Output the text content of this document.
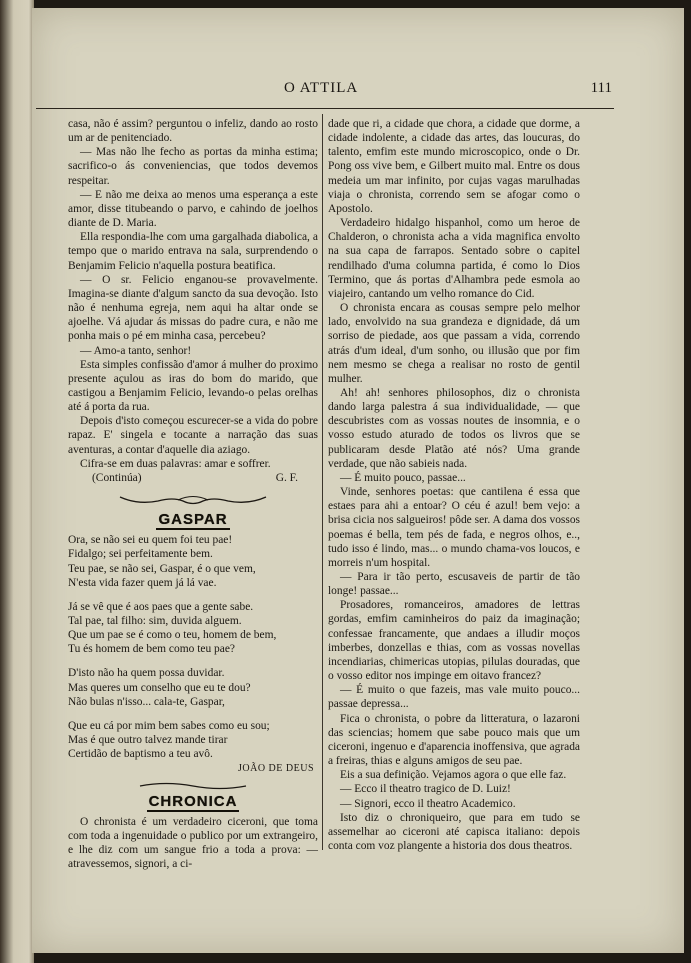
O ATTILA	111

casa, não é assim? perguntou o infeliz, dando ao rosto um ar de penitenciado.

— Mas não lhe fecho as portas da minha estima; sacrifico-o ás conveniencias, que todos devemos respeitar.

— E não me deixa ao menos uma esperança a este amor, disse titubeando o parvo, e cahindo de joelhos diante de D. Maria.

Ella respondia-lhe com uma gargalhada diabolica, a tempo que o marido entrava na sala, surprendendo o Benjamim Felicio n'aquella postura beatifica.

— O sr. Felicio enganou-se provavelmente. Imagina-se diante d'algum sancto da sua devoção. Isto não é nenhuma egreja, nem aqui ha altar onde se ajoelhe. Vá ajudar ás missas do padre cura, e não me ponha mais o pé em minha casa, percebeu?

— Amo-a tanto, senhor!

Esta simples confissão d'amor á mulher do proximo presente açulou as iras do bom do marido, que castigou a Benjamim Felicio, levando-o pelas orelhas até á porta da rua.

Depois d'isto começou escurecer-se a vida do pobre rapaz. E' singela e tocante a narração das suas aventuras, a contar d'aquelle dia aziago.

Cifra-se em duas palavras: amar e soffrer.

(Continúa)	G. F.
GASPAR
Ora, se não sei eu quem foi teu pae!
Fidalgo; sei perfeitamente bem.
Teu pae, se não sei, Gaspar, é o que vem,
N'esta vida fazer quem já lá vae.
Já se vê que é aos paes que a gente sabe.
Tal pae, tal filho: sim, duvida alguem.
Que um pae se é como o teu, homem de bem,
Tu és homem de bem como teu pae?
D'isto não ha quem possa duvidar.
Mas queres um conselho que eu te dou?
Não bulas n'isso... cala-te, Gaspar,
Que eu cá por mim bem sabes como eu sou;
Mas é que outro talvez mande tirar
Certidão de baptismo a teu avô.
JOÃO DE DEUS
CHRONICA

O chronista é um verdadeiro ciceroni, que toma com toda a ingenuidade o publico por um extrangeiro, e lhe diz com um sangue frio a toda a prova: — atravessemos, signori, a ci-

dade que ri, a cidade que chora, a cidade que dorme, a cidade indolente, a cidade das artes, das loucuras, do talento, emfim este mundo microscopico, onde o Dr. Pong oss vive bem, e Gilbert muito mal. Entre os dous medeia um mar infinito, por cujas vagas marulhadas viaja o chronista, correndo sem se afogar como o Apostolo.

Verdadeiro hidalgo hispanhol, como um heroe de Chalderon, o chronista acha a vida magnifica envolto na sua capa de farrapos. Sentado sobre o capitel rendilhado d'uma columna partida, é como lo Dios Termino, que ás portas d'Alhambra pede esmola ao viajeiro, cantando um velho romance do Cid.

O chronista encara as cousas sempre pelo melhor lado, envolvido na sua grandeza e dignidade, dá um sorriso de piedade, aos que passam a vida, correndo atrás d'um ideal, d'um sonho, ou illusão que por fim nem mesmo se chega a realisar no rosto de gentil mulher.

Ah! ah! senhores philosophos, diz o chronista dando larga palestra á sua individualidade, — que descubristes com as vossas noutes de insomnia, e o vosso estudo aturado de todos os livros que se publicaram desde Platão até nós? Uma grande verdade, que não sabieis nada.

— É muito pouco, passae...

Vinde, senhores poetas: que cantilena é essa que estaes para ahi a entoar? O céu é azul! bem vejo: a brisa cicia nos salgueiros! pôde ser. A dama dos vossos poemas é bella, tem pés de fada, e negros olhos, e.., tudo isso é lindo, mas... o mundo chama-vos loucos, e morreis n'um hospital.

— Para ir tão perto, escusaveis de partir de tão longe! passae...

Prosadores, romanceiros, amadores de lettras gordas, emfim caminheiros do paiz da imaginação; confessae francamente, que andaes a illudir moços imberbes, donzellas e thias, com as vossas novellas incendiarias, chimericas utopias, pilulas douradas, que o vosso editor nos impinge em oitavo francez?

— É muito o que fazeis, mas vale muito pouco... passae depressa...

Fica o chronista, o pobre da litteratura, o lazaroni das sciencias; homem que sabe pouco mais que um ciceroni, ingenuo e d'aparencia inoffensiva, que agrada a freiras, thias e alguns amigos de seu pae.

Eis a sua definição. Vejamos agora o que elle faz.

— Ecco il theatro tragico de D. Luiz!

— Signori, ecco il theatro Academico.

Isto diz o chroniqueiro, que para em tudo se assemelhar ao ciceroni até capisca italiano: depois conta com voz plangente a historia dos dous theatros.
